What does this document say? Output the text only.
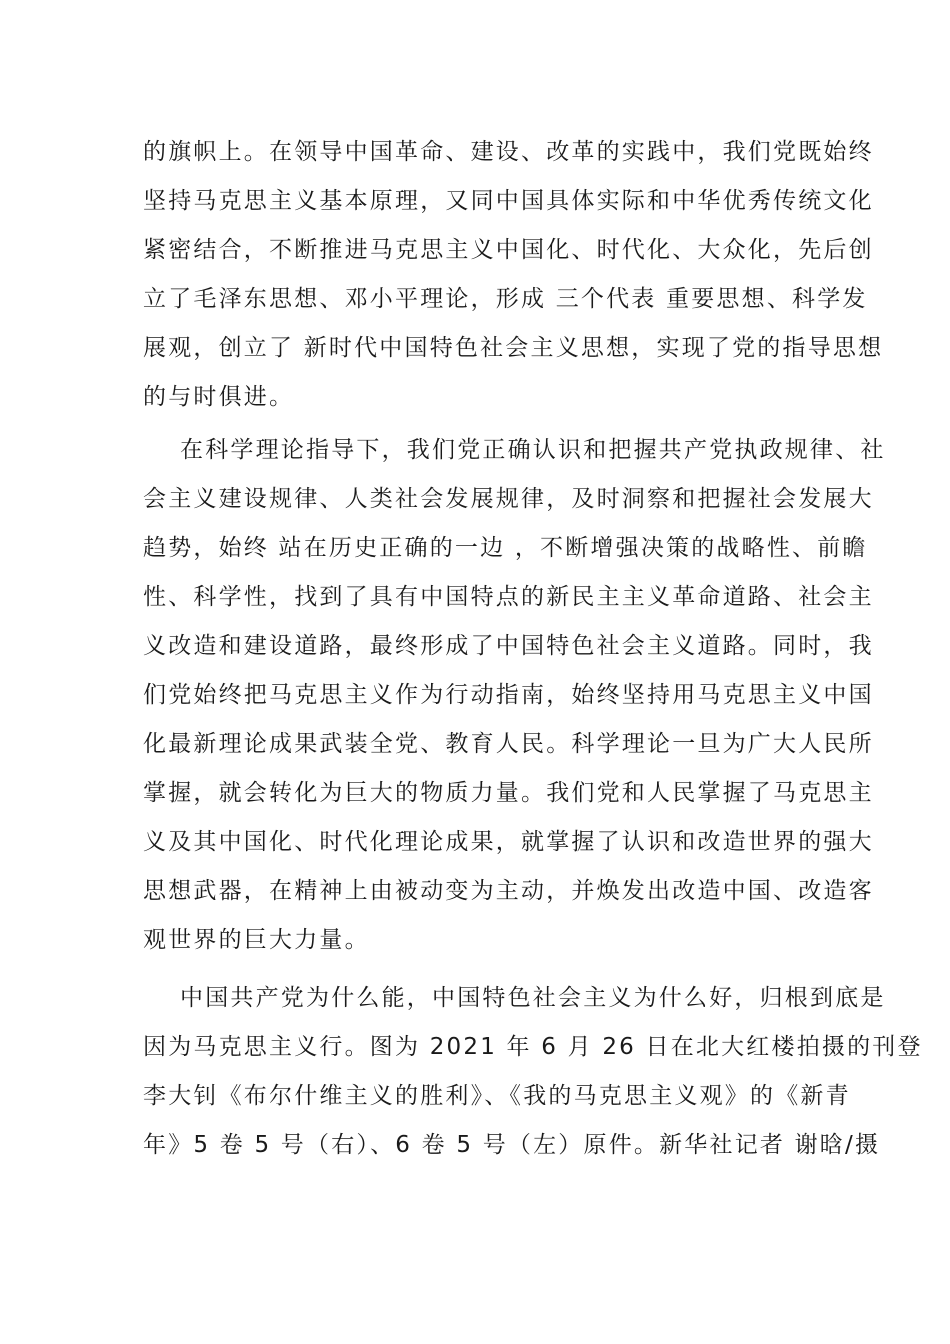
的旗帜上。在领导中国革命、建设、改革的实践中，我们党既始终
坚持马克思主义基本原理，又同中国具体实际和中华优秀传统文化
紧密结合，不断推进马克思主义中国化、时代化、大众化，先后创
立了毛泽东思想、邓小平理论，形成 三个代表 重要思想、科学发
展观，创立了 新时代中国特色社会主义思想，实现了党的指导思想
的与时俱进。
在科学理论指导下，我们党正确认识和把握共产党执政规律、社
会主义建设规律、人类社会发展规律，及时洞察和把握社会发展大
趋势，始终 站在历史正确的一边 ，不断增强决策的战略性、前瞻
性、科学性，找到了具有中国特点的新民主主义革命道路、社会主
义改造和建设道路，最终形成了中国特色社会主义道路。同时，我
们党始终把马克思主义作为行动指南，始终坚持用马克思主义中国
化最新理论成果武装全党、教育人民。科学理论一旦为广大人民所
掌握，就会转化为巨大的物质力量。我们党和人民掌握了马克思主
义及其中国化、时代化理论成果，就掌握了认识和改造世界的强大
思想武器，在精神上由被动变为主动，并焕发出改造中国、改造客
观世界的巨大力量。
中国共产党为什么能，中国特色社会主义为什么好，归根到底是
因为马克思主义行。图为 2021 年 6 月 26 日在北大红楼拍摄的刊登
李大钊《布尔什维主义的胜利》、《我的马克思主义观》的《新青
年》5 卷 5 号（右）、6 卷 5 号（左）原件。新华社记者 谢晗/摄
